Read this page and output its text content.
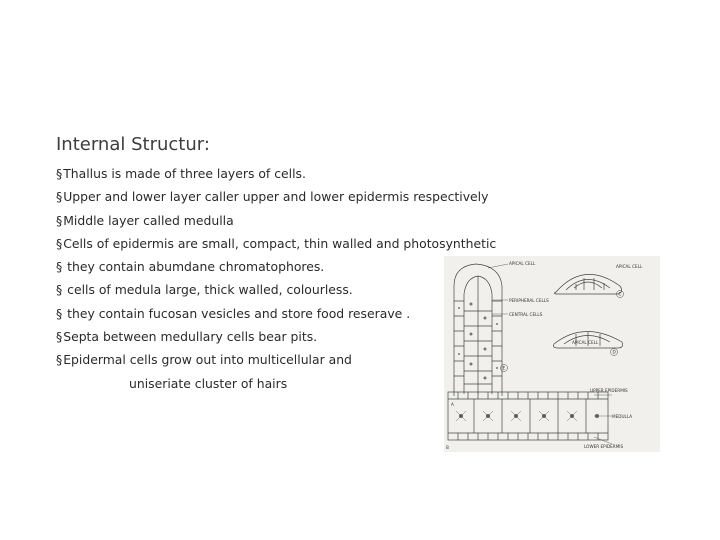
Internal Structur:
§ Thallus is made of three layers of cells.
§ Upper and lower layer caller upper and lower epidermis respectively
§ Middle layer called medulla
§ Cells of epidermis are small, compact, thin walled and photosynthetic
§ they contain abumdane chromatophores.
§ cells of medula large, thick walled, colourless.
§ they contain fucosan vesicles and store food reserave .
§ Septa between medullary cells bear pits.
§ Epidermal cells grow out into multicellular and
uniseriate cluster of hairs
APICAL CELL
PERIPHERAL CELLS
CENTRAL CELLS
A
APICAL CELL
C
APICAL CELL
D
UPPER EPIDERMIS
MEDULLA
LOWER EPIDERMIS
B
E
